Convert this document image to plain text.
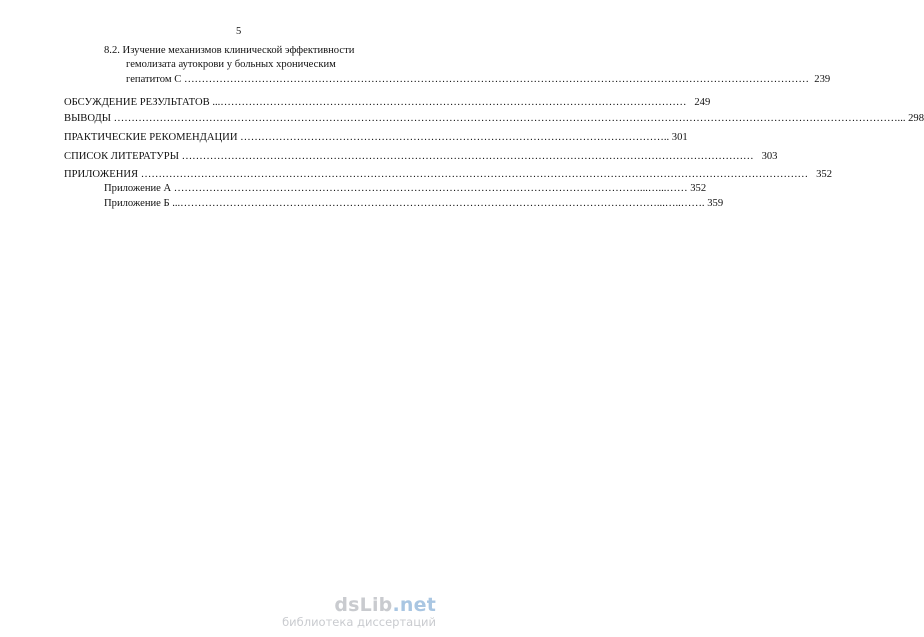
5
8.2. Изучение механизмов клинической эффективности
гемолизата аутокрови у больных хроническим
гепатитом С ……………………………………………………………………………………………………………………………………………………………  239
ОБСУЖДЕНИЕ РЕЗУЛЬТАТОВ ...……………………………………………………………………………………………………………………   249
ВЫВОДЫ ……………………………………………………………………………………………………………………………………………………………………………………………………... 298
ПРАКТИЧЕСКИЕ РЕКОМЕНДАЦИИ ………………………………………………………………………………………………………….. 301
СПИСОК ЛИТЕРАТУРЫ ………………………………………………………………………………………………………………………………………………   303
ПРИЛОЖЕНИЯ ………………………………………………………………………………………………………………………………………………………………………   352
Приложение А ……………………………………………………………………………………………………………………...…...…… 352
Приложение Б ...………………………………………………………………………………………………………………………...…..……. 359
dsLib.net
библиотека диссертаций
